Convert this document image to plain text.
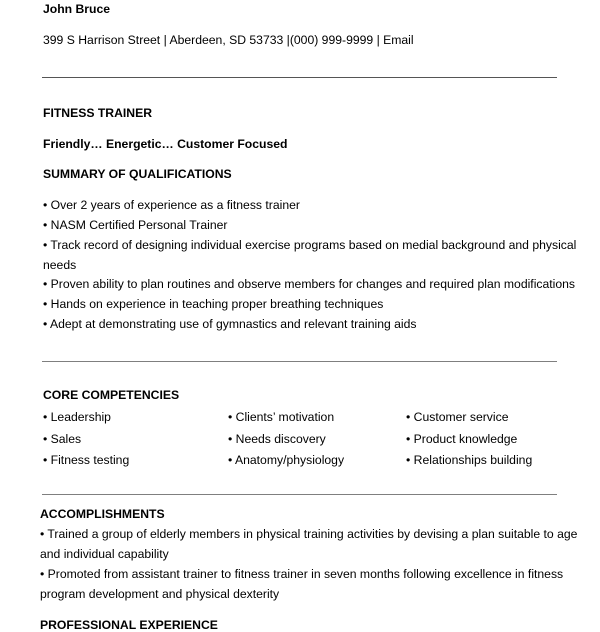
John Bruce
399 S Harrison Street | Aberdeen, SD 53733 |(000) 999-9999 | Email
FITNESS TRAINER
Friendly… Energetic… Customer Focused
SUMMARY OF QUALIFICATIONS
• Over 2 years of experience as a fitness trainer
• NASM Certified Personal Trainer
• Track record of designing individual exercise programs based on medial background and physical
needs
• Proven ability to plan routines and observe members for changes and required plan modifications
• Hands on experience in teaching proper breathing techniques
• Adept at demonstrating use of gymnastics and relevant training aids
CORE COMPETENCIES
• Leadership
• Sales
• Fitness testing
• Clients’ motivation
• Needs discovery
• Anatomy/physiology
• Customer service
• Product knowledge
• Relationships building
ACCOMPLISHMENTS
• Trained a group of elderly members in physical training activities by devising a plan suitable to age
and individual capability
• Promoted from assistant trainer to fitness trainer in seven months following excellence in fitness
program development and physical dexterity
PROFESSIONAL EXPERIENCE
